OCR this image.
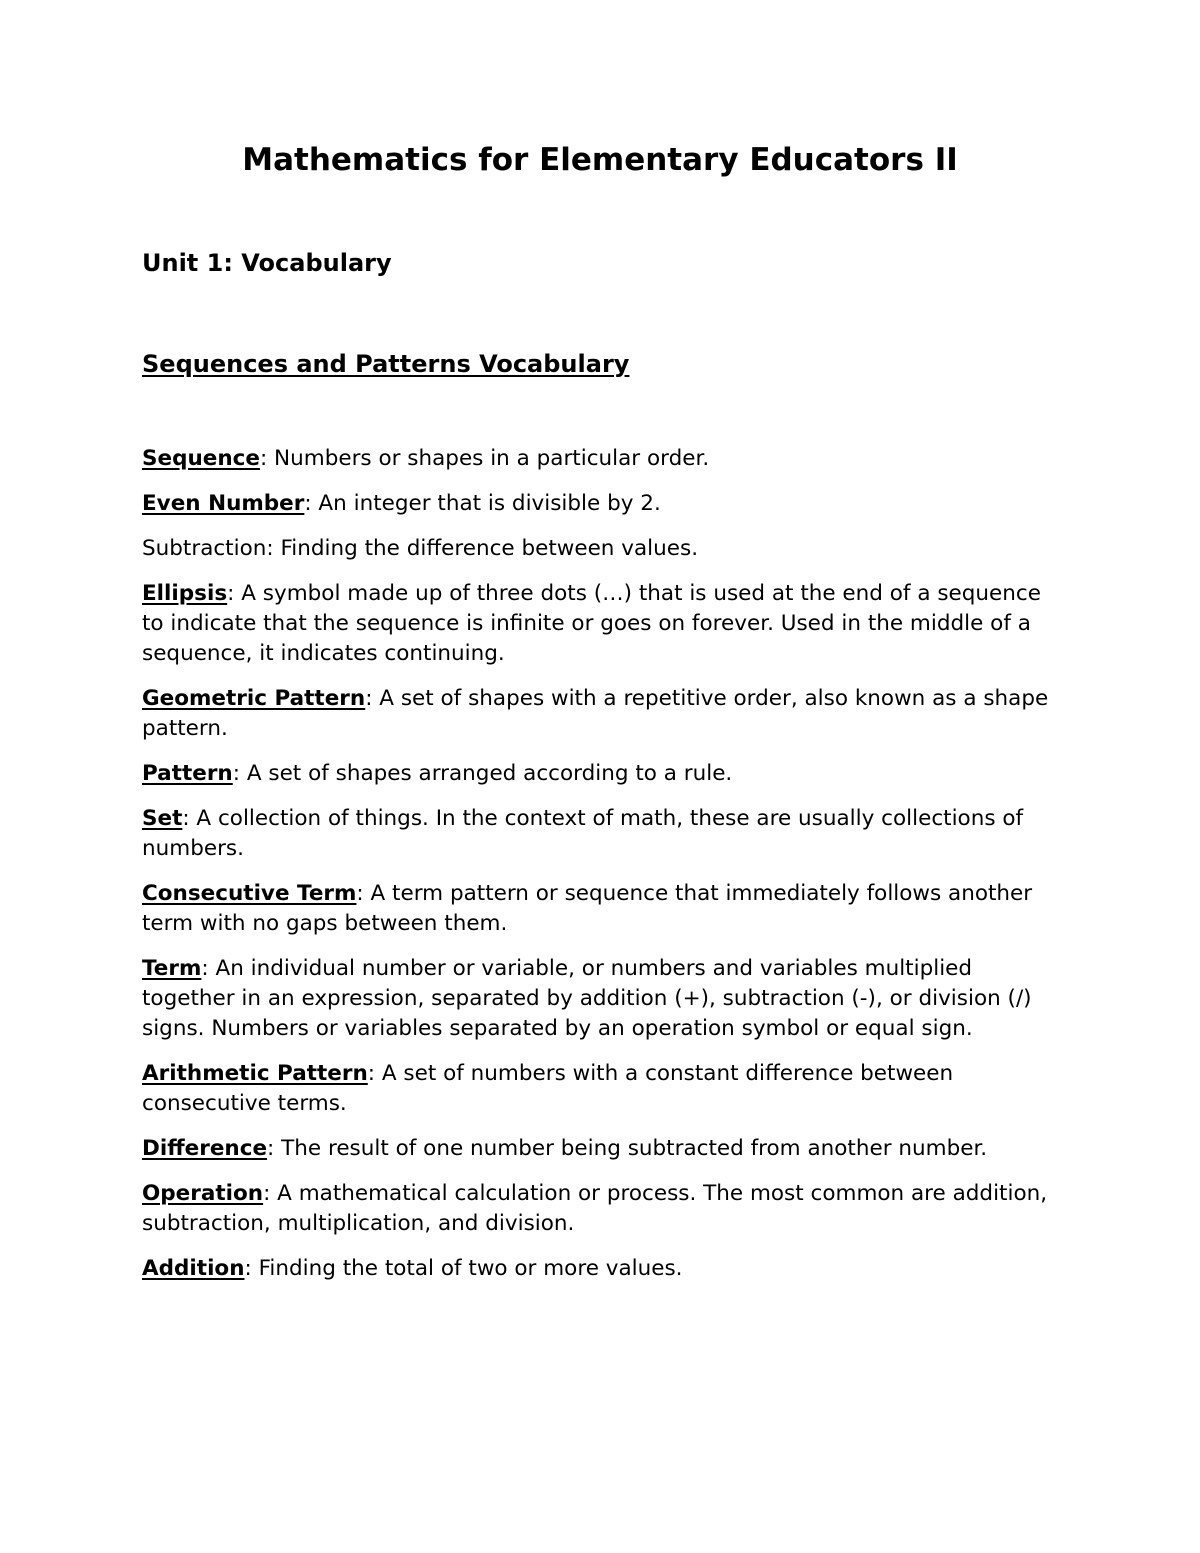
Mathematics for Elementary Educators II
Unit 1: Vocabulary
Sequences and Patterns Vocabulary
Sequence: Numbers or shapes in a particular order.
Even Number: An integer that is divisible by 2.
Subtraction: Finding the difference between values.
Ellipsis: A symbol made up of three dots (…) that is used at the end of a sequence to indicate that the sequence is infinite or goes on forever. Used in the middle of a sequence, it indicates continuing.
Geometric Pattern: A set of shapes with a repetitive order, also known as a shape pattern.
Pattern: A set of shapes arranged according to a rule.
Set: A collection of things. In the context of math, these are usually collections of numbers.
Consecutive Term: A term pattern or sequence that immediately follows another term with no gaps between them.
Term: An individual number or variable, or numbers and variables multiplied together in an expression, separated by addition (+), subtraction (-), or division (/) signs. Numbers or variables separated by an operation symbol or equal sign.
Arithmetic Pattern: A set of numbers with a constant difference between consecutive terms.
Difference: The result of one number being subtracted from another number.
Operation: A mathematical calculation or process. The most common are addition, subtraction, multiplication, and division.
Addition: Finding the total of two or more values.
